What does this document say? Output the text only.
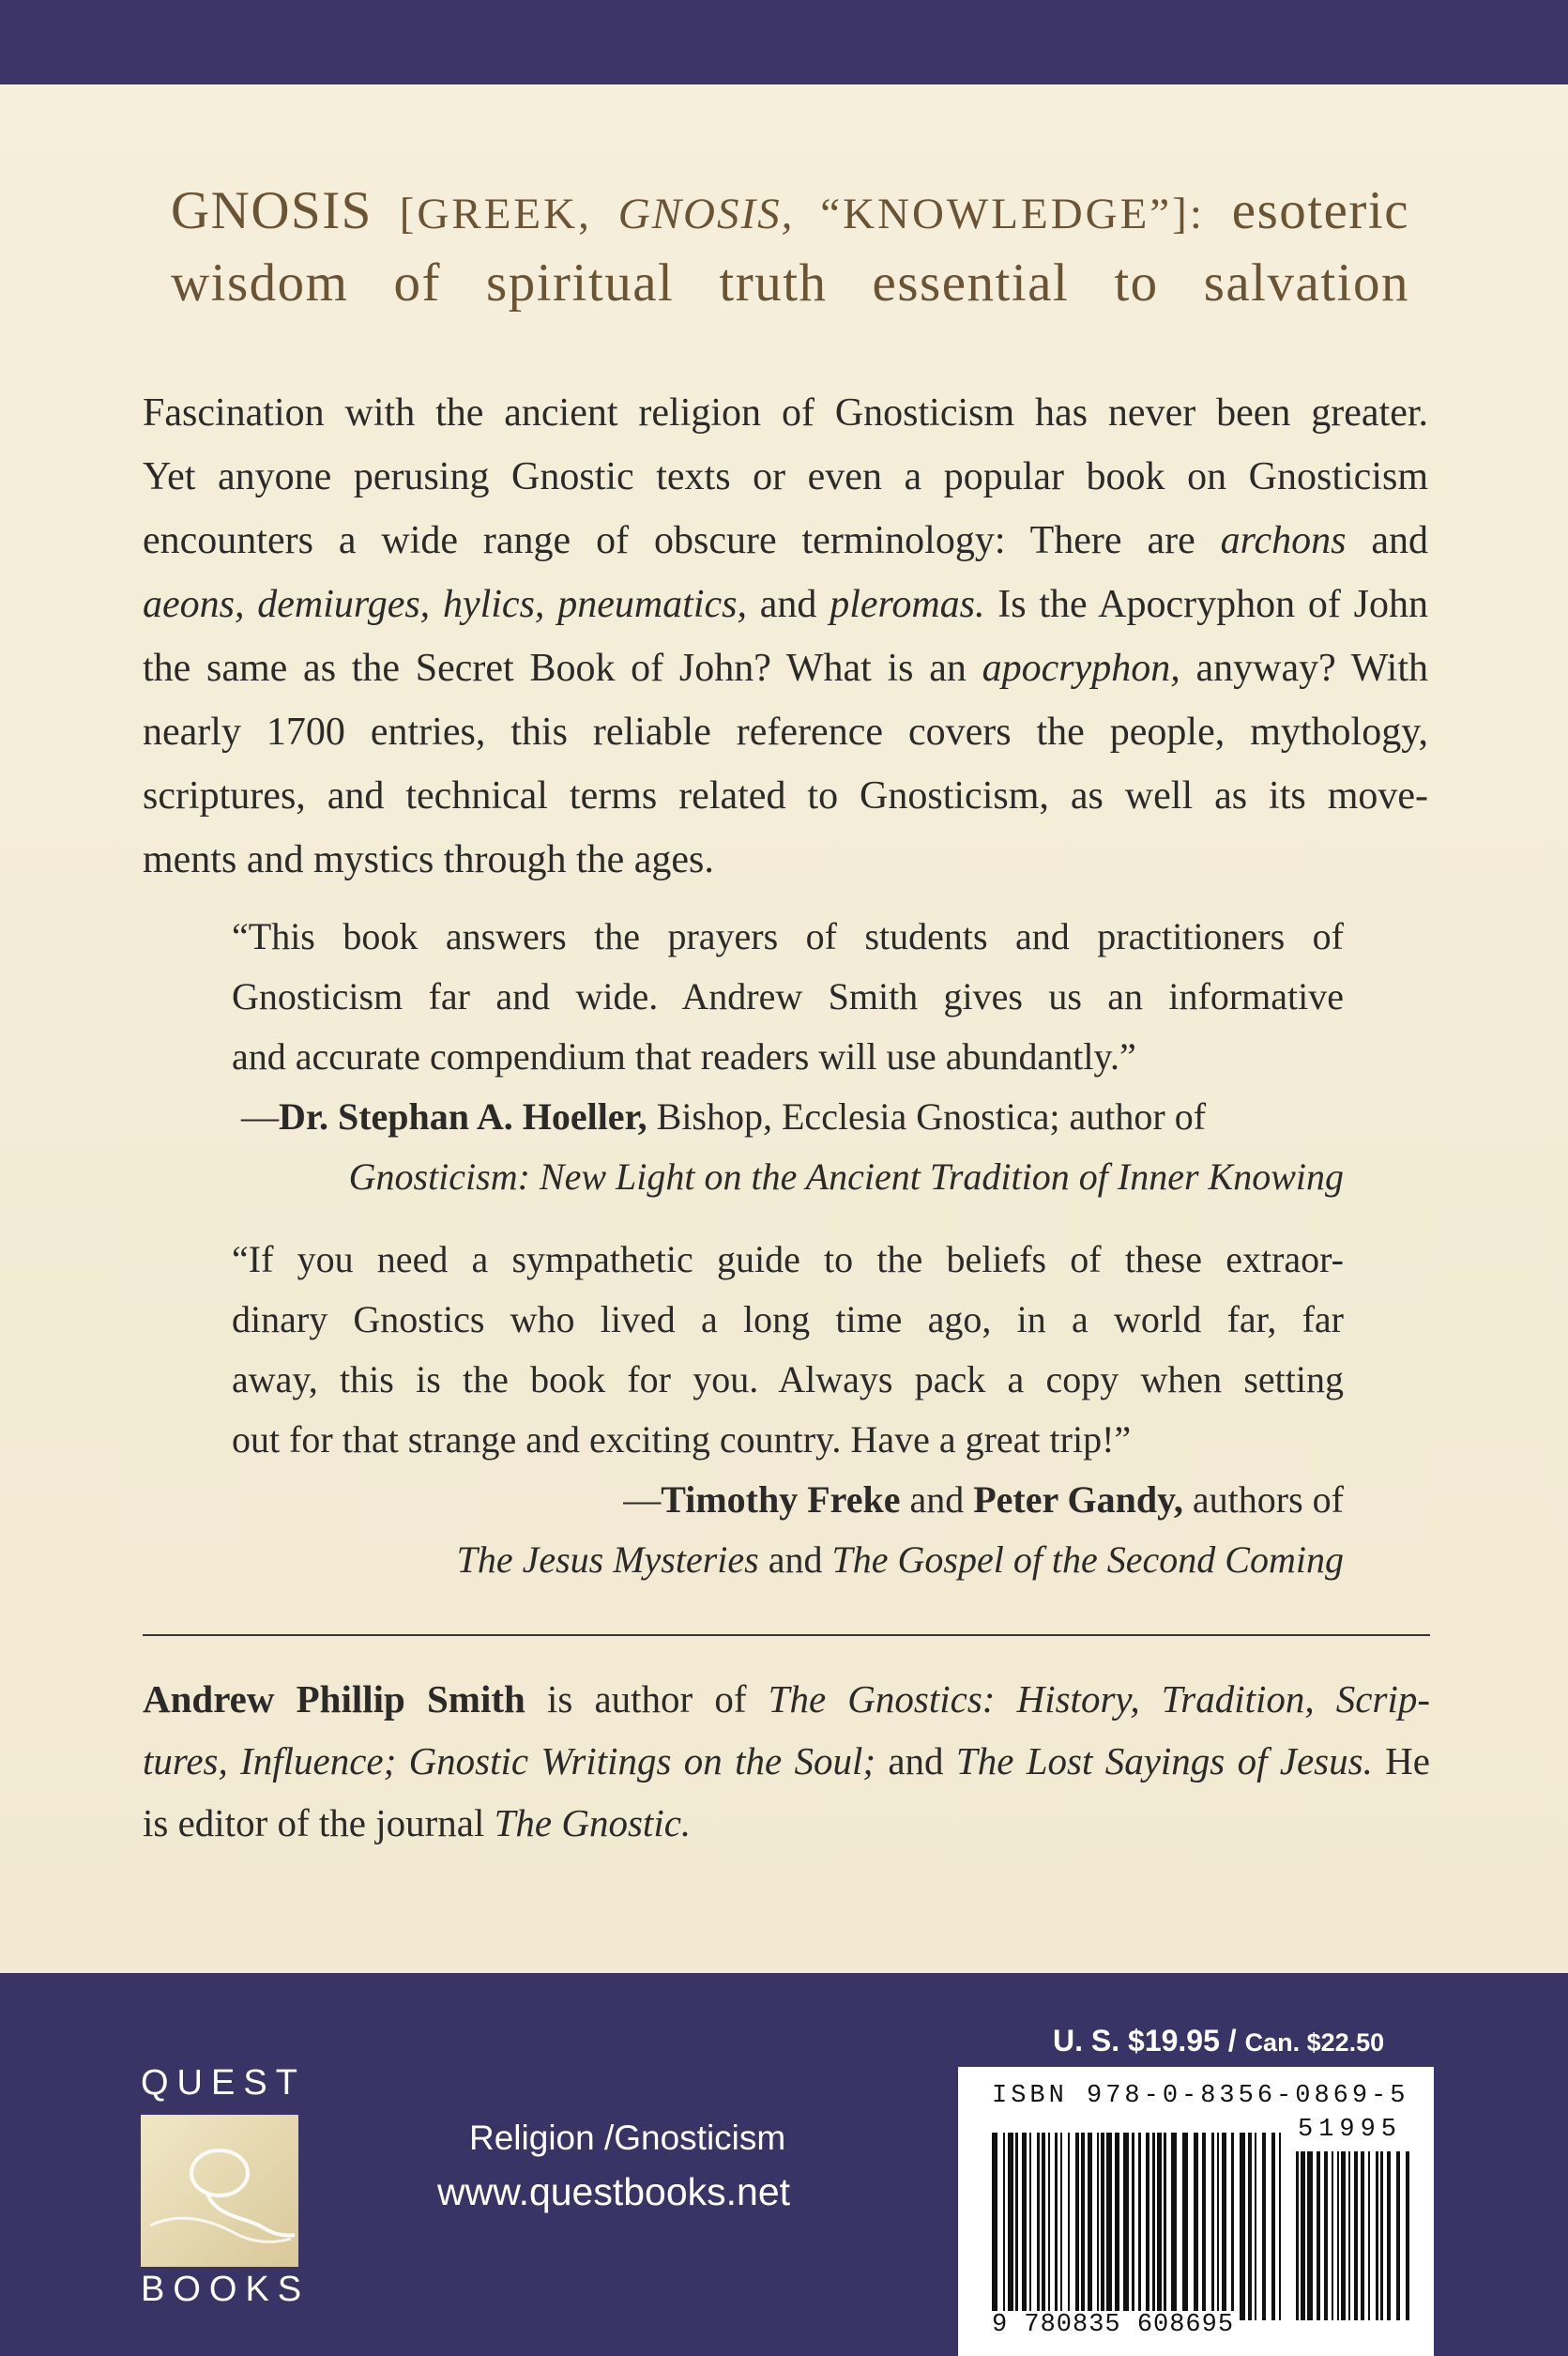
GNOSIS [GREEK, GNOSIS, “KNOWLEDGE”]: esoteric
wisdom of spiritual truth essential to salvation
Fascination with the ancient religion of Gnosticism has never been greater.
Yet anyone perusing Gnostic texts or even a popular book on Gnosticism
encounters a wide range of obscure terminology: There are archons and
aeons, demiurges, hylics, pneumatics, and pleromas. Is the Apocryphon of John
the same as the Secret Book of John? What is an apocryphon, anyway? With
nearly 1700 entries, this reliable reference covers the people, mythology,
scriptures, and technical terms related to Gnosticism, as well as its move-
ments and mystics through the ages.
“This book answers the prayers of students and practitioners of
Gnosticism far and wide. Andrew Smith gives us an informative
and accurate compendium that readers will use abundantly.”
—Dr. Stephan A. Hoeller, Bishop, Ecclesia Gnostica; author of
Gnosticism: New Light on the Ancient Tradition of Inner Knowing
“If you need a sympathetic guide to the beliefs of these extraor-
dinary Gnostics who lived a long time ago, in a world far, far
away, this is the book for you. Always pack a copy when setting
out for that strange and exciting country. Have a great trip!”
—Timothy Freke and Peter Gandy, authors of
The Jesus Mysteries and The Gospel of the Second Coming
Andrew Phillip Smith is author of The Gnostics: History, Tradition, Scrip-
tures, Influence; Gnostic Writings on the Soul; and The Lost Sayings of Jesus. He
is editor of the journal The Gnostic.
QUEST
BOOKS
Religion /Gnosticism
www.questbooks.net
U. S. $19.95 / Can. $22.50
ISBN 978-0-8356-0869-5
51995
9 780835 608695
